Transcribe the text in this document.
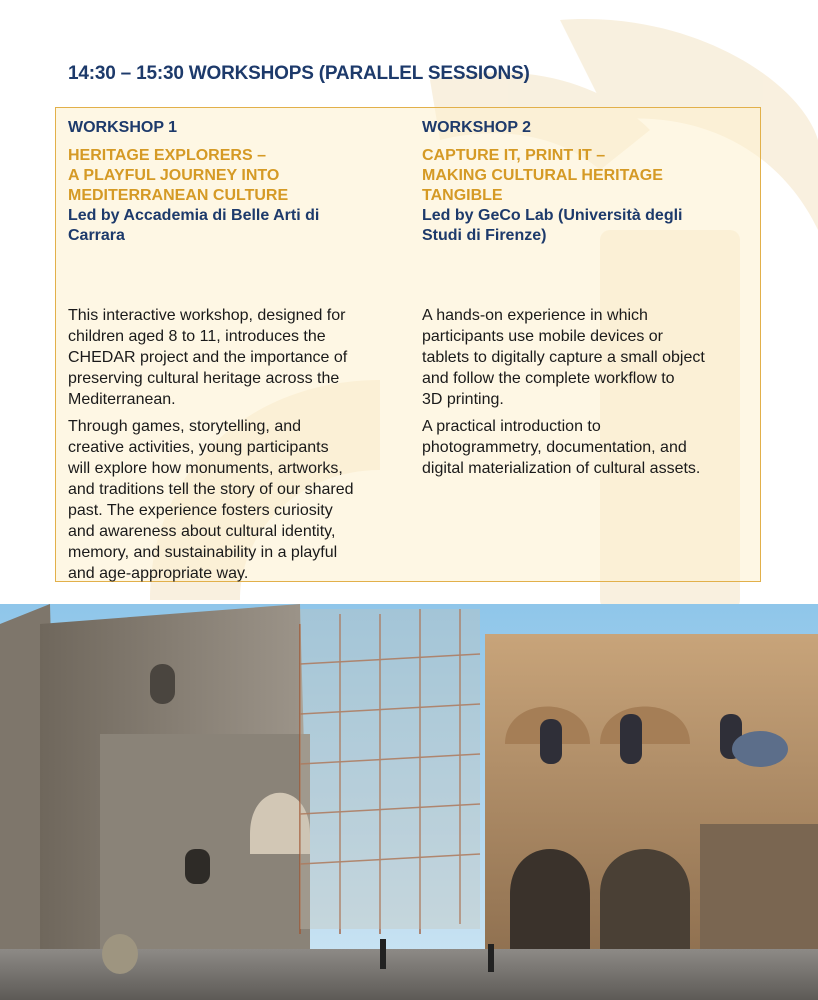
14:30 – 15:30 WORKSHOPS (PARALLEL SESSIONS)
WORKSHOP 1
HERITAGE EXPLORERS –
A PLAYFUL JOURNEY INTO
MEDITERRANEAN CULTURE
Led by Accademia di Belle Arti di
Carrara

This interactive workshop, designed for
children aged 8 to 11, introduces the
CHEDAR project and the importance of
preserving cultural heritage across the
Mediterranean.

Through games, storytelling, and
creative activities, young participants
will explore how monuments, artworks,
and traditions tell the story of our shared
past. The experience fosters curiosity
and awareness about cultural identity,
memory, and sustainability in a playful
and age-appropriate way.

WORKSHOP 2
CAPTURE IT, PRINT IT –
MAKING CULTURAL HERITAGE
TANGIBLE
Led by GeCo Lab (Università degli
Studi di Firenze)

A hands-on experience in which
participants use mobile devices or
tablets to digitally capture a small object
and follow the complete workflow to
3D printing.

A practical introduction to
photogrammetry, documentation, and
digital materialization of cultural assets.
